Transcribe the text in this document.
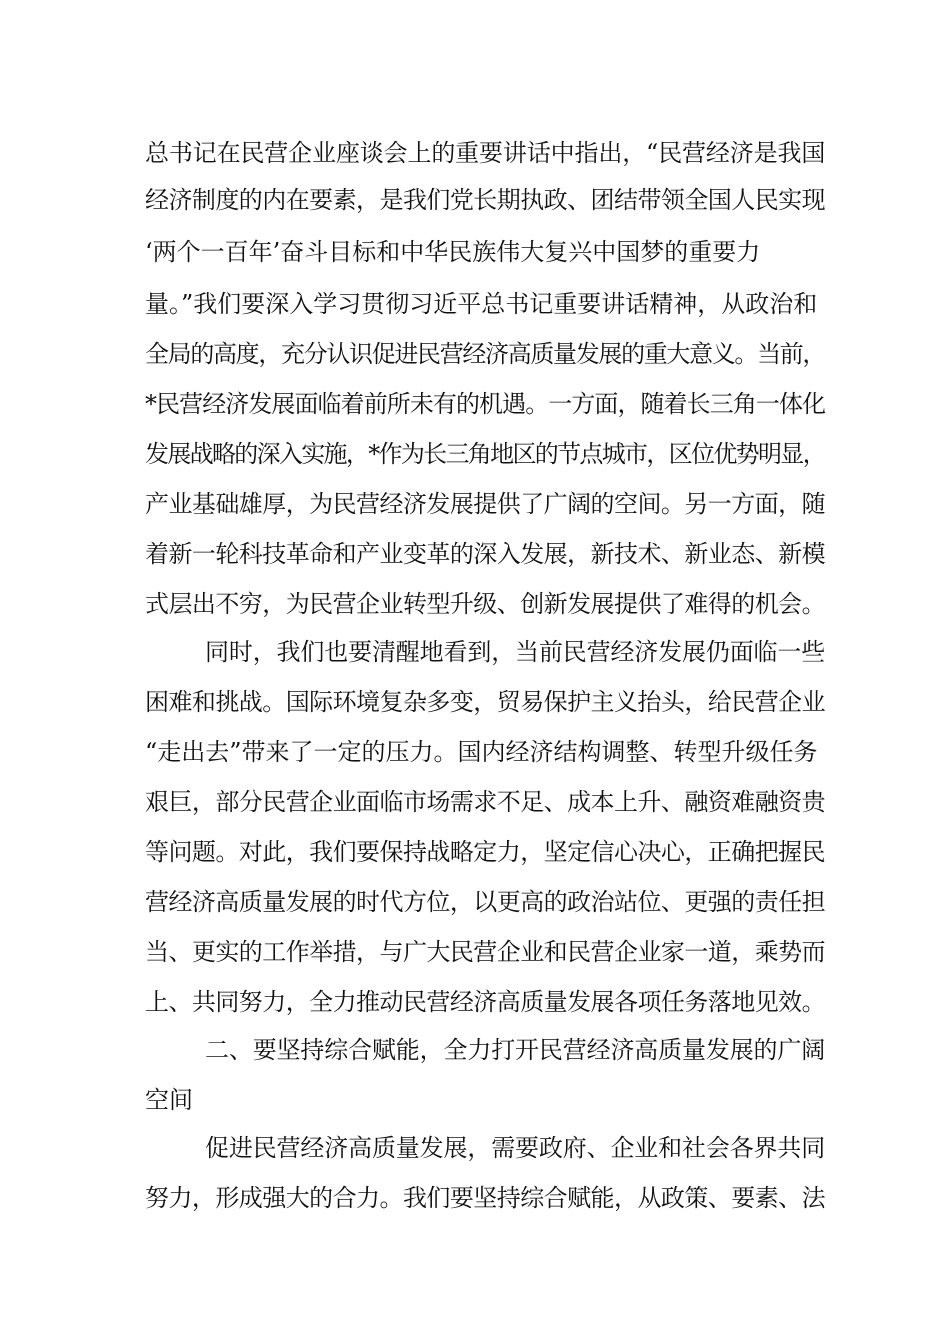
总书记在民营企业座谈会上的重要讲话中指出，“民营经济是我国
经济制度的内在要素，是我们党长期执政、团结带领全国人民实现
‘两个一百年’奋斗目标和中华民族伟大复兴中国梦的重要力
量。”我们要深入学习贯彻习近平总书记重要讲话精神，从政治和
全局的高度，充分认识促进民营经济高质量发展的重大意义。当前，
*民营经济发展面临着前所未有的机遇。一方面，随着长三角一体化
发展战略的深入实施，*作为长三角地区的节点城市，区位优势明显，
产业基础雄厚，为民营经济发展提供了广阔的空间。另一方面，随
着新一轮科技革命和产业变革的深入发展，新技术、新业态、新模
式层出不穷，为民营企业转型升级、创新发展提供了难得的机会。
同时，我们也要清醒地看到，当前民营经济发展仍面临一些
困难和挑战。国际环境复杂多变，贸易保护主义抬头，给民营企业
“走出去”带来了一定的压力。国内经济结构调整、转型升级任务
艰巨，部分民营企业面临市场需求不足、成本上升、融资难融资贵
等问题。对此，我们要保持战略定力，坚定信心决心，正确把握民
营经济高质量发展的时代方位，以更高的政治站位、更强的责任担
当、更实的工作举措，与广大民营企业和民营企业家一道，乘势而
上、共同努力，全力推动民营经济高质量发展各项任务落地见效。
二、要坚持综合赋能，全力打开民营经济高质量发展的广阔
空间
促进民营经济高质量发展，需要政府、企业和社会各界共同
努力，形成强大的合力。我们要坚持综合赋能，从政策、要素、法
